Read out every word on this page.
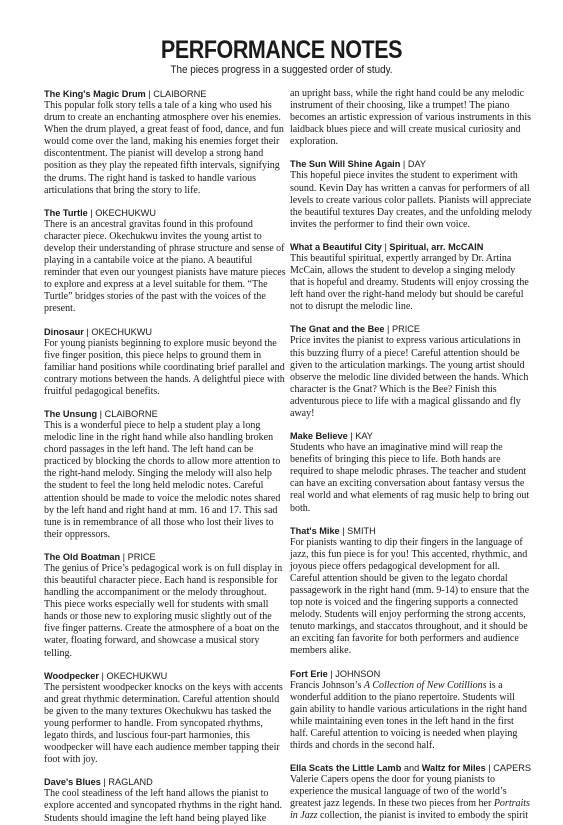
PERFORMANCE NOTES
The pieces progress in a suggested order of study.
The King's Magic Drum | CLAIBORNE

This popular folk story tells a tale of a king who used his drum to create an enchanting atmosphere over his enemies. When the drum played, a great feast of food, dance, and fun would come over the land, making his enemies forget their discontentment. The pianist will develop a strong hand position as they play the repeated fifth intervals, signifying the drums. The right hand is tasked to handle various articulations that bring the story to life.

The Turtle | OKECHUKWU

There is an ancestral gravitas found in this profound character piece. Okechukwu invites the young artist to develop their understanding of phrase structure and sense of playing in a cantabile voice at the piano. A beautiful reminder that even our youngest pianists have mature pieces to explore and express at a level suitable for them. “The Turtle” bridges stories of the past with the voices of the present.

Dinosaur | OKECHUKWU

For young pianists beginning to explore music beyond the five finger position, this piece helps to ground them in familiar hand positions while coordinating brief parallel and contrary motions between the hands. A delightful piece with fruitful pedagogical benefits.

The Unsung | CLAIBORNE

This is a wonderful piece to help a student play a long melodic line in the right hand while also handling broken chord passages in the left hand. The left hand can be practiced by blocking the chords to allow more attention to the right-hand melody. Singing the melody will also help the student to feel the long held melodic notes. Careful attention should be made to voice the melodic notes shared by the left hand and right hand at mm. 16 and 17. This sad tune is in remembrance of all those who lost their lives to their oppressors.

The Old Boatman | PRICE

The genius of Price’s pedagogical work is on full display in this beautiful character piece. Each hand is responsible for handling the accompaniment or the melody throughout. This piece works especially well for students with small hands or those new to exploring music slightly out of the five finger patterns. Create the atmosphere of a boat on the water, floating forward, and showcase a musical story telling.

Woodpecker | OKECHUKWU

The persistent woodpecker knocks on the keys with accents and great rhythmic determination. Careful attention should be given to the many textures Okechukwu has tasked the young performer to handle. From syncopated rhythms, legato thirds, and luscious four-part harmonies, this woodpecker will have each audience member tapping their foot with joy.

Dave's Blues | RAGLAND

The cool steadiness of the left hand allows the pianist to explore accented and syncopated rhythms in the right hand. Students should imagine the left hand being played like

an upright bass, while the right hand could be any melodic instrument of their choosing, like a trumpet! The piano becomes an artistic expression of various instruments in this laidback blues piece and will create musical curiosity and exploration.

The Sun Will Shine Again | DAY

This hopeful piece invites the student to experiment with sound. Kevin Day has written a canvas for performers of all levels to create various color pallets. Pianists will appreciate the beautiful textures Day creates, and the unfolding melody invites the performer to find their own voice.

What a Beautiful City | Spiritual, arr. McCAIN

This beautiful spiritual, expertly arranged by Dr. Artina McCain, allows the student to develop a singing melody that is hopeful and dreamy. Students will enjoy crossing the left hand over the right-hand melody but should be careful not to disrupt the melodic line.

The Gnat and the Bee | PRICE

Price invites the pianist to express various articulations in this buzzing flurry of a piece! Careful attention should be given to the articulation markings. The young artist should observe the melodic line divided between the hands. Which character is the Gnat? Which is the Bee? Finish this adventurous piece to life with a magical glissando and fly away!

Make Believe | KAY

Students who have an imaginative mind will reap the benefits of bringing this piece to life. Both hands are required to shape melodic phrases. The teacher and student can have an exciting conversation about fantasy versus the real world and what elements of rag music help to bring out both.

That's Mike | SMITH

For pianists wanting to dip their fingers in the language of jazz, this fun piece is for you! This accented, rhythmic, and joyous piece offers pedagogical development for all. Careful attention should be given to the legato chordal passagework in the right hand (mm. 9-14) to ensure that the top note is voiced and the fingering supports a connected melody. Students will enjoy performing the strong accents, tenuto markings, and staccatos throughout, and it should be an exciting fan favorite for both performers and audience members alike.

Fort Erie | JOHNSON

Francis Johnson’s A Collection of New Cotillions is a wonderful addition to the piano repertoire. Students will gain ability to handle various articulations in the right hand while maintaining even tones in the left hand in the first half. Careful attention to voicing is needed when playing thirds and chords in the second half.

Ella Scats the Little Lamb and Waltz for Miles | CAPERS

Valerie Capers opens the door for young pianists to experience the musical language of two of the world’s greatest jazz legends. In these two pieces from her Portraits in Jazz collection, the pianist is invited to embody the spirit
